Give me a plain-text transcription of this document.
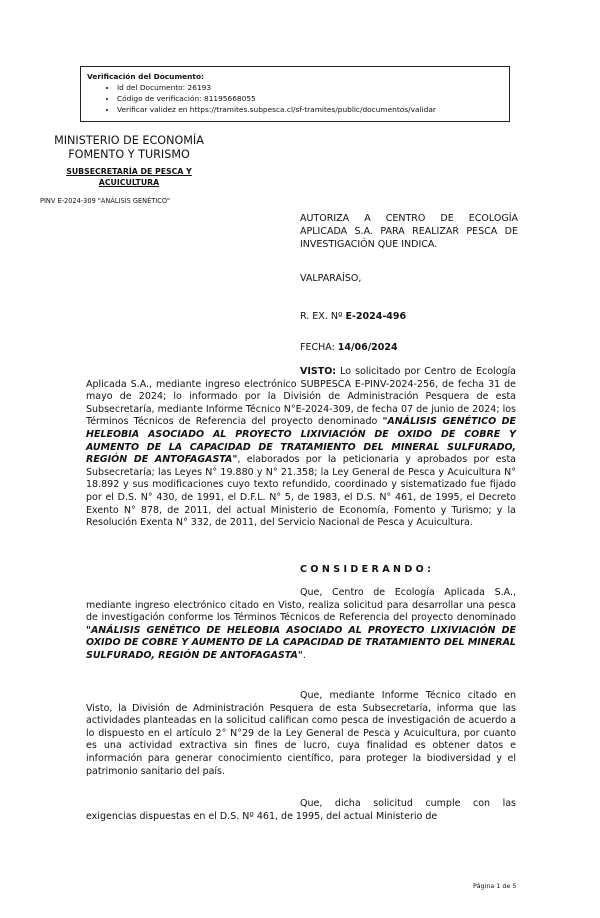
Verificación del Documento:
• Id del Documento: 26193
• Código de verificación: 81195668055
• Verificar validez en https://tramites.subpesca.cl/sf-tramites/public/documentos/validar
MINISTERIO DE ECONOMÍA
FOMENTO Y TURISMO
SUBSECRETARÍA DE PESCA Y
ACUICULTURA
PINV E-2024-309 "ANÁLISIS GENÉTICO"
AUTORIZA A CENTRO DE ECOLOGÍA APLICADA S.A. PARA REALIZAR PESCA DE INVESTIGACIÓN QUE INDICA.
VALPARAÍSO,
R. EX. Nº E-2024-496
FECHA: 14/06/2024
VISTO: Lo solicitado por Centro de Ecología Aplicada S.A., mediante ingreso electrónico SUBPESCA E-PINV-2024-256, de fecha 31 de mayo de 2024; lo informado por la División de Administración Pesquera de esta Subsecretaría, mediante Informe Técnico N°E-2024-309, de fecha 07 de junio de 2024; los Términos Técnicos de Referencia del proyecto denominado "ANÁLISIS GENÉTICO DE HELEOBIA ASOCIADO AL PROYECTO LIXIVIACIÓN DE OXIDO DE COBRE Y AUMENTO DE LA CAPACIDAD DE TRATAMIENTO DEL MINERAL SULFURADO, REGIÓN DE ANTOFAGASTA", elaborados por la peticionaria y aprobados por esta Subsecretaría; las Leyes N° 19.880 y N° 21.358; la Ley General de Pesca y Acuicultura N° 18.892 y sus modificaciones cuyo texto refundido, coordinado y sistematizado fue fijado por el D.S. N° 430, de 1991, el D.F.L. N° 5, de 1983, el D.S. N° 461, de 1995, el Decreto Exento N° 878, de 2011, del actual Ministerio de Economía, Fomento y Turismo; y la Resolución Exenta N° 332, de 2011, del Servicio Nacional de Pesca y Acuicultura.
CONSIDERANDO:
Que, Centro de Ecología Aplicada S.A., mediante ingreso electrónico citado en Visto, realiza solicitud para desarrollar una pesca de investigación conforme los Términos Técnicos de Referencia del proyecto denominado "ANÁLISIS GENÉTICO DE HELEOBIA ASOCIADO AL PROYECTO LIXIVIACIÓN DE OXIDO DE COBRE Y AUMENTO DE LA CAPACIDAD DE TRATAMIENTO DEL MINERAL SULFURADO, REGIÓN DE ANTOFAGASTA".
Que, mediante Informe Técnico citado en Visto, la División de Administración Pesquera de esta Subsecretaría, informa que las actividades planteadas en la solicitud califican como pesca de investigación de acuerdo a lo dispuesto en el artículo 2° N°29 de la Ley General de Pesca y Acuicultura, por cuanto es una actividad extractiva sin fines de lucro, cuya finalidad es obtener datos e información para generar conocimiento científico, para proteger la biodiversidad y el patrimonio sanitario del país.
Que, dicha solicitud cumple con las exigencias dispuestas en el D.S. Nº 461, de 1995, del actual Ministerio de
Página 1 de 5
